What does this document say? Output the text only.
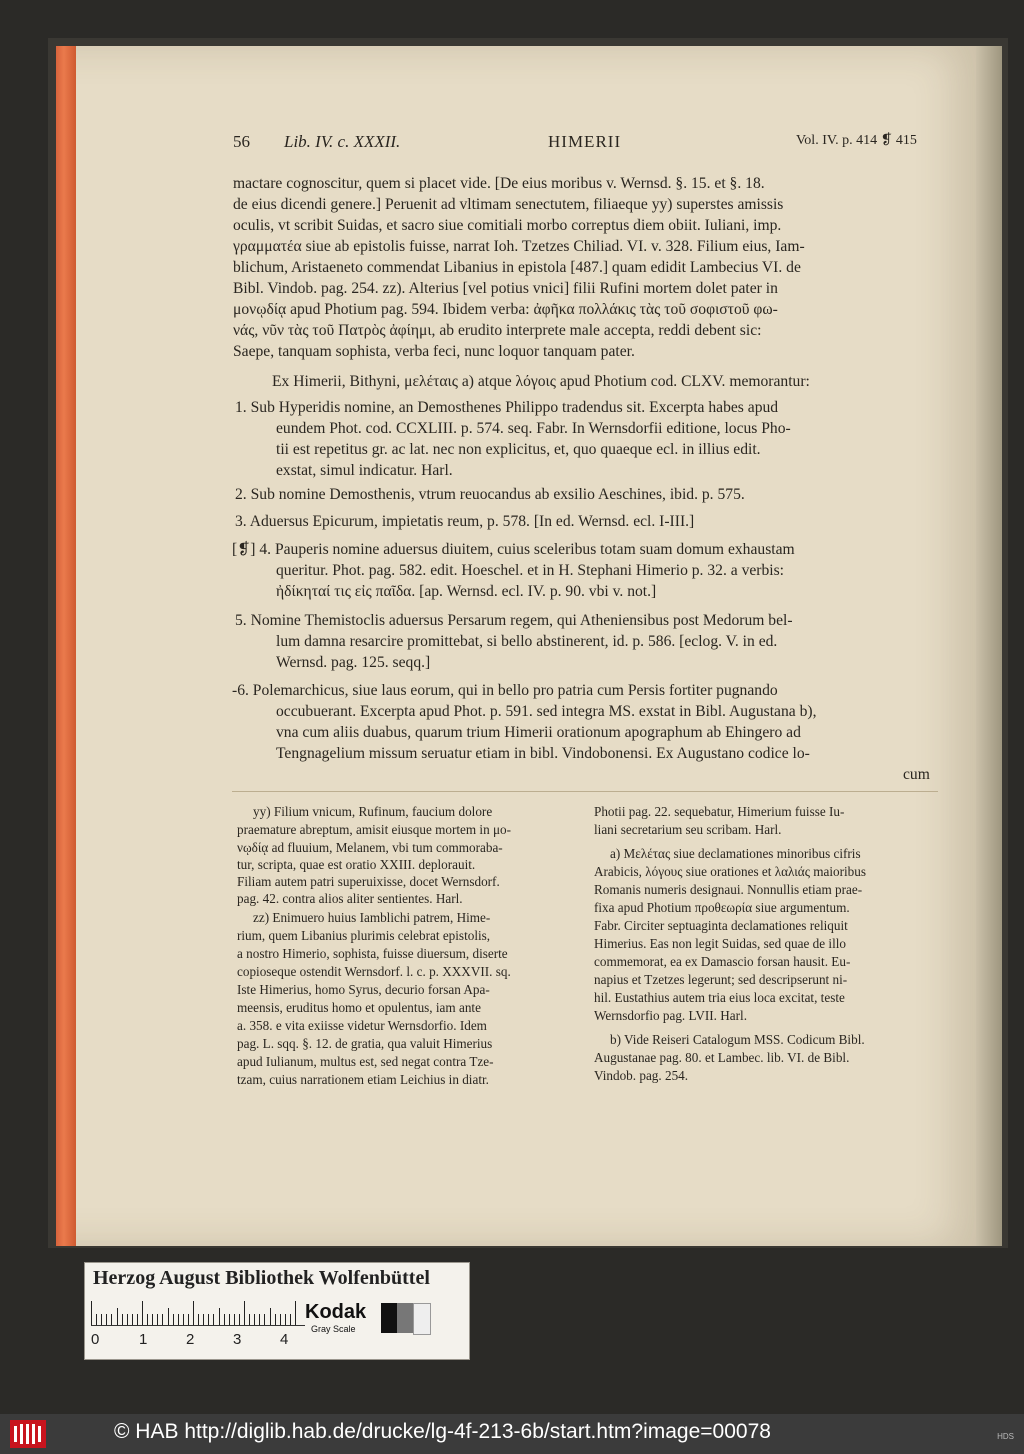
56 Lib. IV. c. XXXII.	HIMERII	Vol. IV. p. 414 ❡ 415
mactare cognoscitur, quem si placet vide. [De eius moribus v. Wernsd. §. 15. et §. 18.
de eius dicendi genere.] Peruenit ad vltimam senectutem, filiaeque yy) superstes amissis
oculis, vt scribit Suidas, et sacro siue comitiali morbo correptus diem obiit. Iuliani, imp.
γραμματέα siue ab epistolis fuisse, narrat Ioh. Tzetzes Chiliad. VI. v. 328. Filium eius, Iam-
blichum, Aristaeneto commendat Libanius in epistola [487.] quam edidit Lambecius VI. de
Bibl. Vindob. pag. 254. zz). Alterius [vel potius vnici] filii Rufini mortem dolet pater in
μονῳδίᾳ apud Photium pag. 594. Ibidem verba: ἀφῆκα πολλάκις τὰς τοῦ σοφιστοῦ φω-
νάς, νῦν τὰς τοῦ Πατρὸς ἀφίημι, ab erudito interprete male accepta, reddi debent sic:
Saepe, tanquam sophista, verba feci, nunc loquor tanquam pater.
Ex Himerii, Bithyni, μελέταις a) atque λόγοις apud Photium cod. CLXV. memorantur:
1. Sub Hyperidis nomine, an Demosthenes Philippo tradendus sit. Excerpta habes apud
eundem Phot. cod. CCXLIII. p. 574. seq. Fabr. In Wernsdorfii editione, locus Pho-
tii est repetitus gr. ac lat. nec non explicitus, et, quo quaeque ecl. in illius edit.
exstat, simul indicatur. Harl.
2. Sub nomine Demosthenis, vtrum reuocandus ab exsilio Aeschines, ibid. p. 575.
3. Aduersus Epicurum, impietatis reum, p. 578. [In ed. Wernsd. ecl. I-III.]
[❡] 4. Pauperis nomine aduersus diuitem, cuius sceleribus totam suam domum exhaustam
queritur. Phot. pag. 582. edit. Hoeschel. et in H. Stephani Himerio p. 32. a verbis:
ἠδίκηταί τις εἰς παῖδα. [ap. Wernsd. ecl. IV. p. 90. vbi v. not.]
5. Nomine Themistoclis aduersus Persarum regem, qui Atheniensibus post Medorum bel-
lum damna resarcire promittebat, si bello abstinerent, id. p. 586. [eclog. V. in ed.
Wernsd. pag. 125. seqq.]
-6. Polemarchicus, siue laus eorum, qui in bello pro patria cum Persis fortiter pugnando
occubuerant. Excerpta apud Phot. p. 591. sed integra MS. exstat in Bibl. Augustana b),
vna cum aliis duabus, quarum trium Himerii orationum apographum ab Ehingero ad
Tengnagelium missum seruatur etiam in bibl. Vindobonensi. Ex Augustano codice lo-
cum
yy) Filium vnicum, Rufinum, faucium dolore
praemature abreptum, amisit eiusque mortem in μο-
νῳδίᾳ ad fluuium, Melanem, vbi tum commoraba-
tur, scripta, quae est oratio XXIII. deplorauit.
Filiam autem patri superuixisse, docet Wernsdorf.
pag. 42. contra alios aliter sentientes. Harl.
zz) Enimuero huius Iamblichi patrem, Hime-
rium, quem Libanius plurimis celebrat epistolis,
a nostro Himerio, sophista, fuisse diuersum, diserte
copioseque ostendit Wernsdorf. l. c. p. XXXVII. sq.
Iste Himerius, homo Syrus, decurio forsan Apa-
meensis, eruditus homo et opulentus, iam ante
a. 358. e vita exiisse videtur Wernsdorfio. Idem
pag. L. sqq. §. 12. de gratia, qua valuit Himerius
apud Iulianum, multus est, sed negat contra Tze-
tzam, cuius narrationem etiam Leichius in diatr.
Photii pag. 22. sequebatur, Himerium fuisse Iu-
liani secretarium seu scribam. Harl.
a) Μελέτας siue declamationes minoribus cifris
Arabicis, λόγους siue orationes et λαλιάς maioribus
Romanis numeris designaui. Nonnullis etiam prae-
fixa apud Photium προθεωρία siue argumentum.
Fabr. Circiter septuaginta declamationes reliquit
Himerius. Eas non legit Suidas, sed quae de illo
commemorat, ea ex Damascio forsan hausit. Eu-
napius et Tzetzes legerunt; sed descripserunt ni-
hil. Eustathius autem tria eius loca excitat, teste
Wernsdorfio pag. LVII. Harl.
b) Vide Reiseri Catalogum MSS. Codicum Bibl.
Augustanae pag. 80. et Lambec. lib. VI. de Bibl.
Vindob. pag. 254.
Herzog August Bibliothek Wolfenbüttel
0	1	2	3	4
Kodak
Gray Scale
© HAB http://diglib.hab.de/drucke/lg-4f-213-6b/start.htm?image=00078	HDS
